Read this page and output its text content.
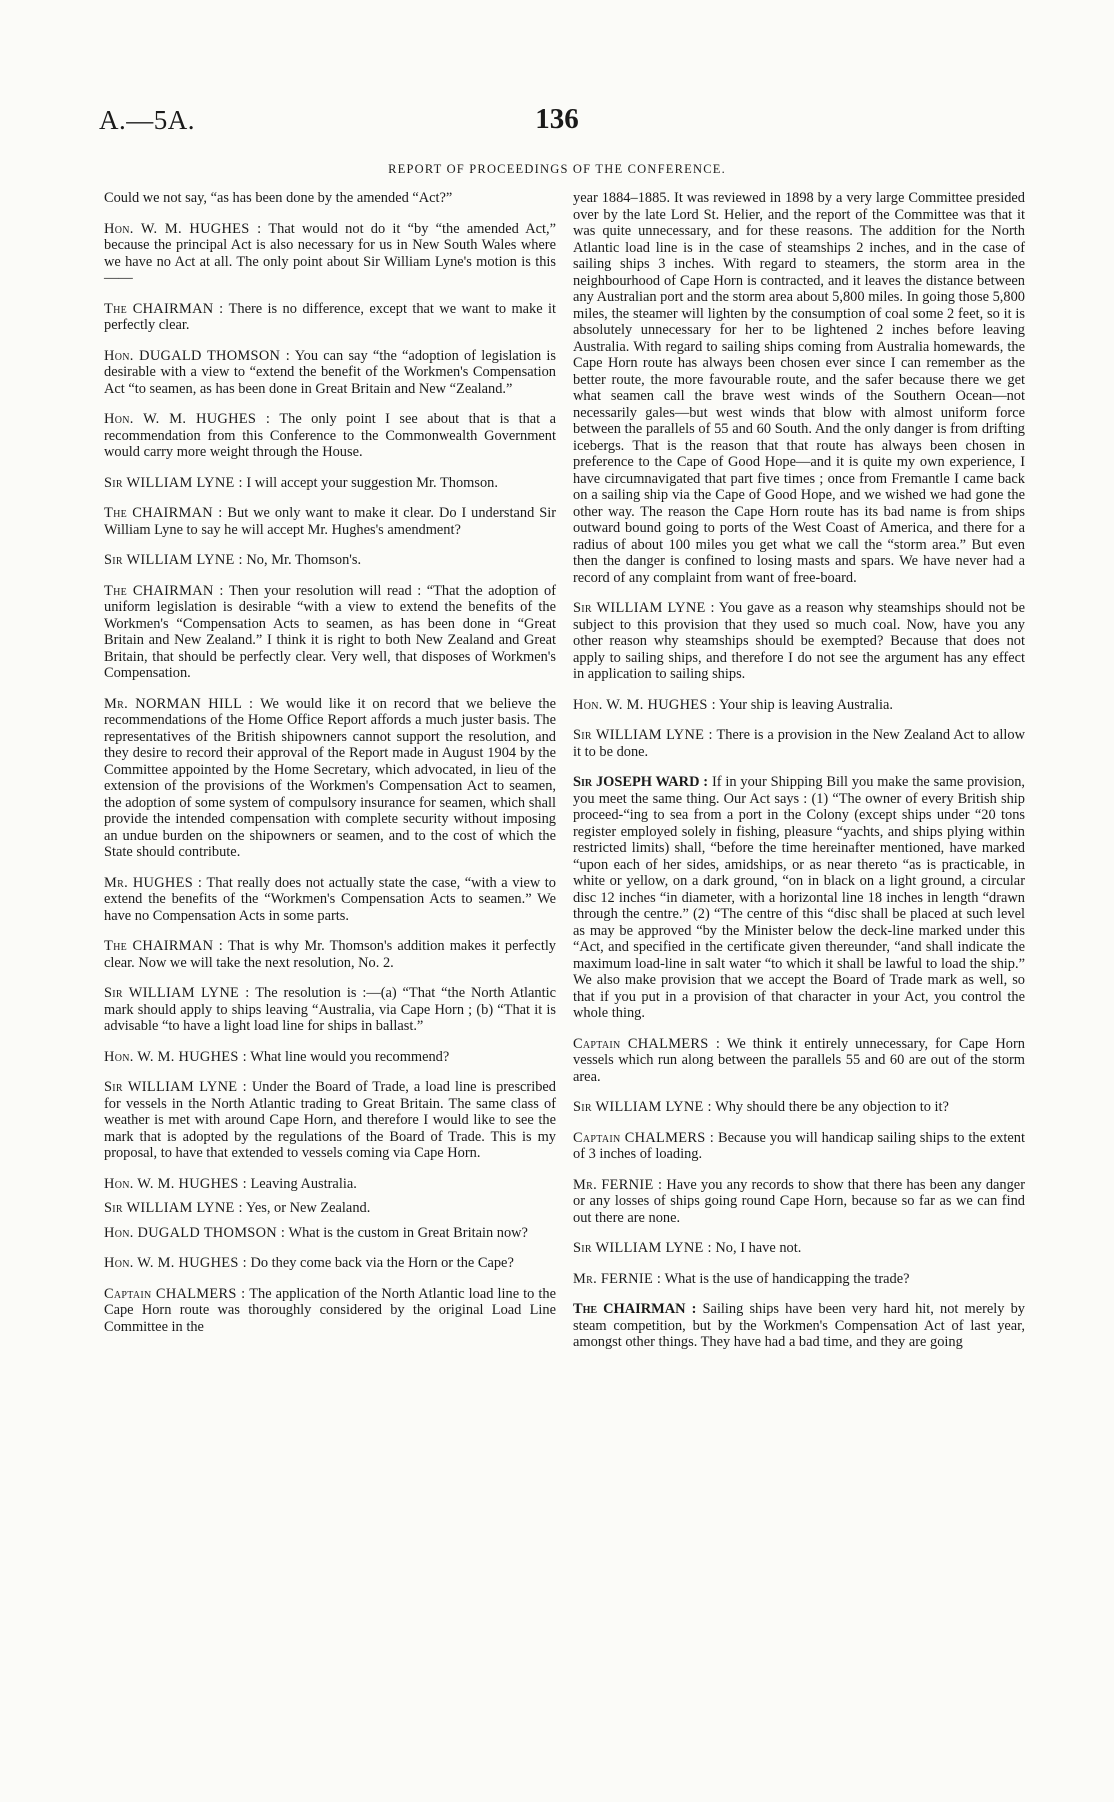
A.—5A.	136
REPORT OF PROCEEDINGS OF THE CONFERENCE.

Could we not say, “as has been done by the amended “Act?”

Hon. W. M. HUGHES : That would not do it “by “the amended Act,” because the principal Act is also necessary for us in New South Wales where we have no Act at all. The only point about Sir William Lyne's motion is this——

The CHAIRMAN : There is no difference, except that we want to make it perfectly clear.

Hon. DUGALD THOMSON : You can say “the “adoption of legislation is desirable with a view to “extend the benefit of the Workmen's Compensation Act “to seamen, as has been done in Great Britain and New “Zealand.”

Hon. W. M. HUGHES : The only point I see about that is that a recommendation from this Conference to the Commonwealth Government would carry more weight through the House.

Sir WILLIAM LYNE : I will accept your suggestion Mr. Thomson.

The CHAIRMAN : But we only want to make it clear. Do I understand Sir William Lyne to say he will accept Mr. Hughes's amendment?

Sir WILLIAM LYNE : No, Mr. Thomson's.

The CHAIRMAN : Then your resolution will read : “That the adoption of uniform legislation is desirable “with a view to extend the benefits of the Workmen's “Compensation Acts to seamen, as has been done in “Great Britain and New Zealand.” I think it is right to both New Zealand and Great Britain, that should be perfectly clear. Very well, that disposes of Workmen's Compensation.

Mr. NORMAN HILL : We would like it on record that we believe the recommendations of the Home Office Report affords a much juster basis. The representatives of the British shipowners cannot support the resolution, and they desire to record their approval of the Report made in August 1904 by the Committee appointed by the Home Secretary, which advocated, in lieu of the extension of the provisions of the Workmen's Compensation Act to seamen, the adoption of some system of compulsory insurance for seamen, which shall provide the intended compensation with complete security without imposing an undue burden on the shipowners or seamen, and to the cost of which the State should contribute.

Mr. HUGHES : That really does not actually state the case, “with a view to extend the benefits of the “Workmen's Compensation Acts to seamen.” We have no Compensation Acts in some parts.

The CHAIRMAN : That is why Mr. Thomson's addition makes it perfectly clear. Now we will take the next resolution, No. 2.

Sir WILLIAM LYNE : The resolution is :—(a) “That “the North Atlantic mark should apply to ships leaving “Australia, via Cape Horn ; (b) “That it is advisable “to have a light load line for ships in ballast.”

Hon. W. M. HUGHES : What line would you recommend?

Sir WILLIAM LYNE : Under the Board of Trade, a load line is prescribed for vessels in the North Atlantic trading to Great Britain. The same class of weather is met with around Cape Horn, and therefore I would like to see the mark that is adopted by the regulations of the Board of Trade. This is my proposal, to have that extended to vessels coming via Cape Horn.

Hon. W. M. HUGHES : Leaving Australia.

Sir WILLIAM LYNE : Yes, or New Zealand.

Hon. DUGALD THOMSON : What is the custom in Great Britain now?

Hon. W. M. HUGHES : Do they come back via the Horn or the Cape?

Captain CHALMERS : The application of the North Atlantic load line to the Cape Horn route was thoroughly considered by the original Load Line Committee in the

year 1884–1885. It was reviewed in 1898 by a very large Committee presided over by the late Lord St. Helier, and the report of the Committee was that it was quite unnecessary, and for these reasons. The addition for the North Atlantic load line is in the case of steamships 2 inches, and in the case of sailing ships 3 inches. With regard to steamers, the storm area in the neighbourhood of Cape Horn is contracted, and it leaves the distance between any Australian port and the storm area about 5,800 miles. In going those 5,800 miles, the steamer will lighten by the consumption of coal some 2 feet, so it is absolutely unnecessary for her to be lightened 2 inches before leaving Australia. With regard to sailing ships coming from Australia homewards, the Cape Horn route has always been chosen ever since I can remember as the better route, the more favourable route, and the safer because there we get what seamen call the brave west winds of the Southern Ocean—not necessarily gales—but west winds that blow with almost uniform force between the parallels of 55 and 60 South. And the only danger is from drifting icebergs. That is the reason that that route has always been chosen in preference to the Cape of Good Hope—and it is quite my own experience, I have circumnavigated that part five times ; once from Fremantle I came back on a sailing ship via the Cape of Good Hope, and we wished we had gone the other way. The reason the Cape Horn route has its bad name is from ships outward bound going to ports of the West Coast of America, and there for a radius of about 100 miles you get what we call the “storm area.” But even then the danger is confined to losing masts and spars. We have never had a record of any complaint from want of free-board.

Sir WILLIAM LYNE : You gave as a reason why steamships should not be subject to this provision that they used so much coal. Now, have you any other reason why steamships should be exempted? Because that does not apply to sailing ships, and therefore I do not see the argument has any effect in application to sailing ships.

Hon. W. M. HUGHES : Your ship is leaving Australia.

Sir WILLIAM LYNE : There is a provision in the New Zealand Act to allow it to be done.

Sir JOSEPH WARD : If in your Shipping Bill you make the same provision, you meet the same thing. Our Act says : (1) “The owner of every British ship proceed-“ing to sea from a port in the Colony (except ships under “20 tons register employed solely in fishing, pleasure “yachts, and ships plying within restricted limits) shall, “before the time hereinafter mentioned, have marked “upon each of her sides, amidships, or as near thereto “as is practicable, in white or yellow, on a dark ground, “on in black on a light ground, a circular disc 12 inches “in diameter, with a horizontal line 18 inches in length “drawn through the centre.” (2) “The centre of this “disc shall be placed at such level as may be approved “by the Minister below the deck-line marked under this “Act, and specified in the certificate given thereunder, “and shall indicate the maximum load-line in salt water “to which it shall be lawful to load the ship.” We also make provision that we accept the Board of Trade mark as well, so that if you put in a provision of that character in your Act, you control the whole thing.

Captain CHALMERS : We think it entirely unnecessary, for Cape Horn vessels which run along between the parallels 55 and 60 are out of the storm area.

Sir WILLIAM LYNE : Why should there be any objection to it?

Captain CHALMERS : Because you will handicap sailing ships to the extent of 3 inches of loading.

Mr. FERNIE : Have you any records to show that there has been any danger or any losses of ships going round Cape Horn, because so far as we can find out there are none.

Sir WILLIAM LYNE : No, I have not.

Mr. FERNIE : What is the use of handicapping the trade?

The CHAIRMAN : Sailing ships have been very hard hit, not merely by steam competition, but by the Workmen's Compensation Act of last year, amongst other things. They have had a bad time, and they are going
